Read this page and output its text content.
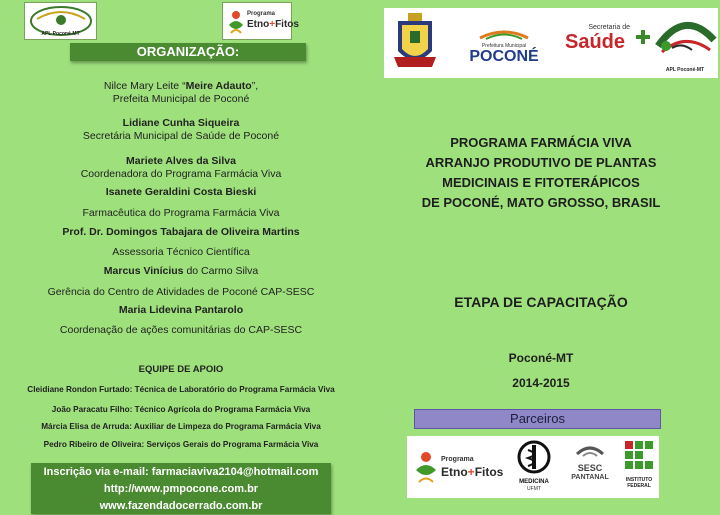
APL Poconé-MT
Programa
Etno+Fitos
ORGANIZAÇÃO:
Nilce Mary Leite “Meire Adauto”,
Prefeita Municipal de Poconé
Lidiane Cunha Siqueira
Secretária Municipal de Saúde de Poconé
Mariete Alves da Silva
Coordenadora do Programa Farmácia Viva
Isanete Geraldini Costa Bieski
Farmacêutica do Programa Farmácia Viva
Prof. Dr. Domingos Tabajara de Oliveira Martins
Assessoria Técnico Científica
Marcus Vinícius do Carmo Silva
Gerência do Centro de Atividades de Poconé CAP-SESC
Maria Lidevina Pantarolo
Coordenação de ações comunitárias do CAP-SESC
EQUIPE DE APOIO
Cleidiane Rondon Furtado: Técnica de Laboratório do Programa Farmácia Viva
João Paracatu Filho: Técnico Agrícola do Programa Farmácia Viva
Márcia Elisa de Arruda: Auxiliar de Limpeza do Programa Farmácia Viva
Pedro Ribeiro de Oliveira: Serviços Gerais do Programa Farmácia Viva
Inscrição via e-mail: farmaciaviva2104@hotmail.com
http://www.pmpocone.com.br
www.fazendadocerrado.com.br
Prefeitura Municipal
POCONÉ
Secretaria de
Saúde
APL Poconé-MT
PROGRAMA FARMÁCIA VIVA
ARRANJO PRODUTIVO DE PLANTAS
MEDICINAIS E FITOTERÁPICOS
DE POCONÉ, MATO GROSSO, BRASIL
ETAPA DE CAPACITAÇÃO
Poconé-MT
2014-2015
Parceiros
Programa
Etno+Fitos
MEDICINA
UFMT
SESC
PANTANAL	INSTITUTO
FEDERAL
